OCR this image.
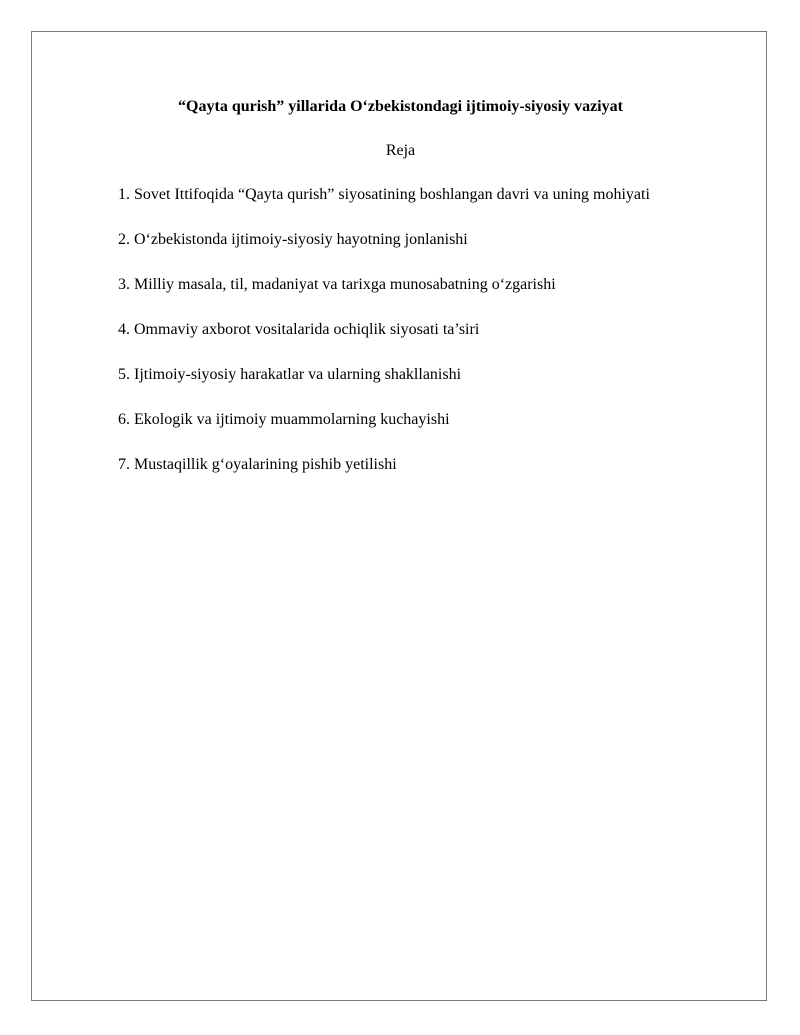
“Qayta qurish” yillarida O‘zbekistondagi ijtimoiy-siyosiy vaziyat

Reja

1. Sovet Ittifoqida “Qayta qurish” siyosatining boshlangan davri va uning mohiyati
2. O‘zbekistonda ijtimoiy-siyosiy hayotning jonlanishi
3. Milliy masala, til, madaniyat va tarixga munosabatning o‘zgarishi
4. Ommaviy axborot vositalarida ochiqlik siyosati ta’siri
5. Ijtimoiy-siyosiy harakatlar va ularning shakllanishi
6. Ekologik va ijtimoiy muammolarning kuchayishi
7. Mustaqillik g‘oyalarining pishib yetilishi
